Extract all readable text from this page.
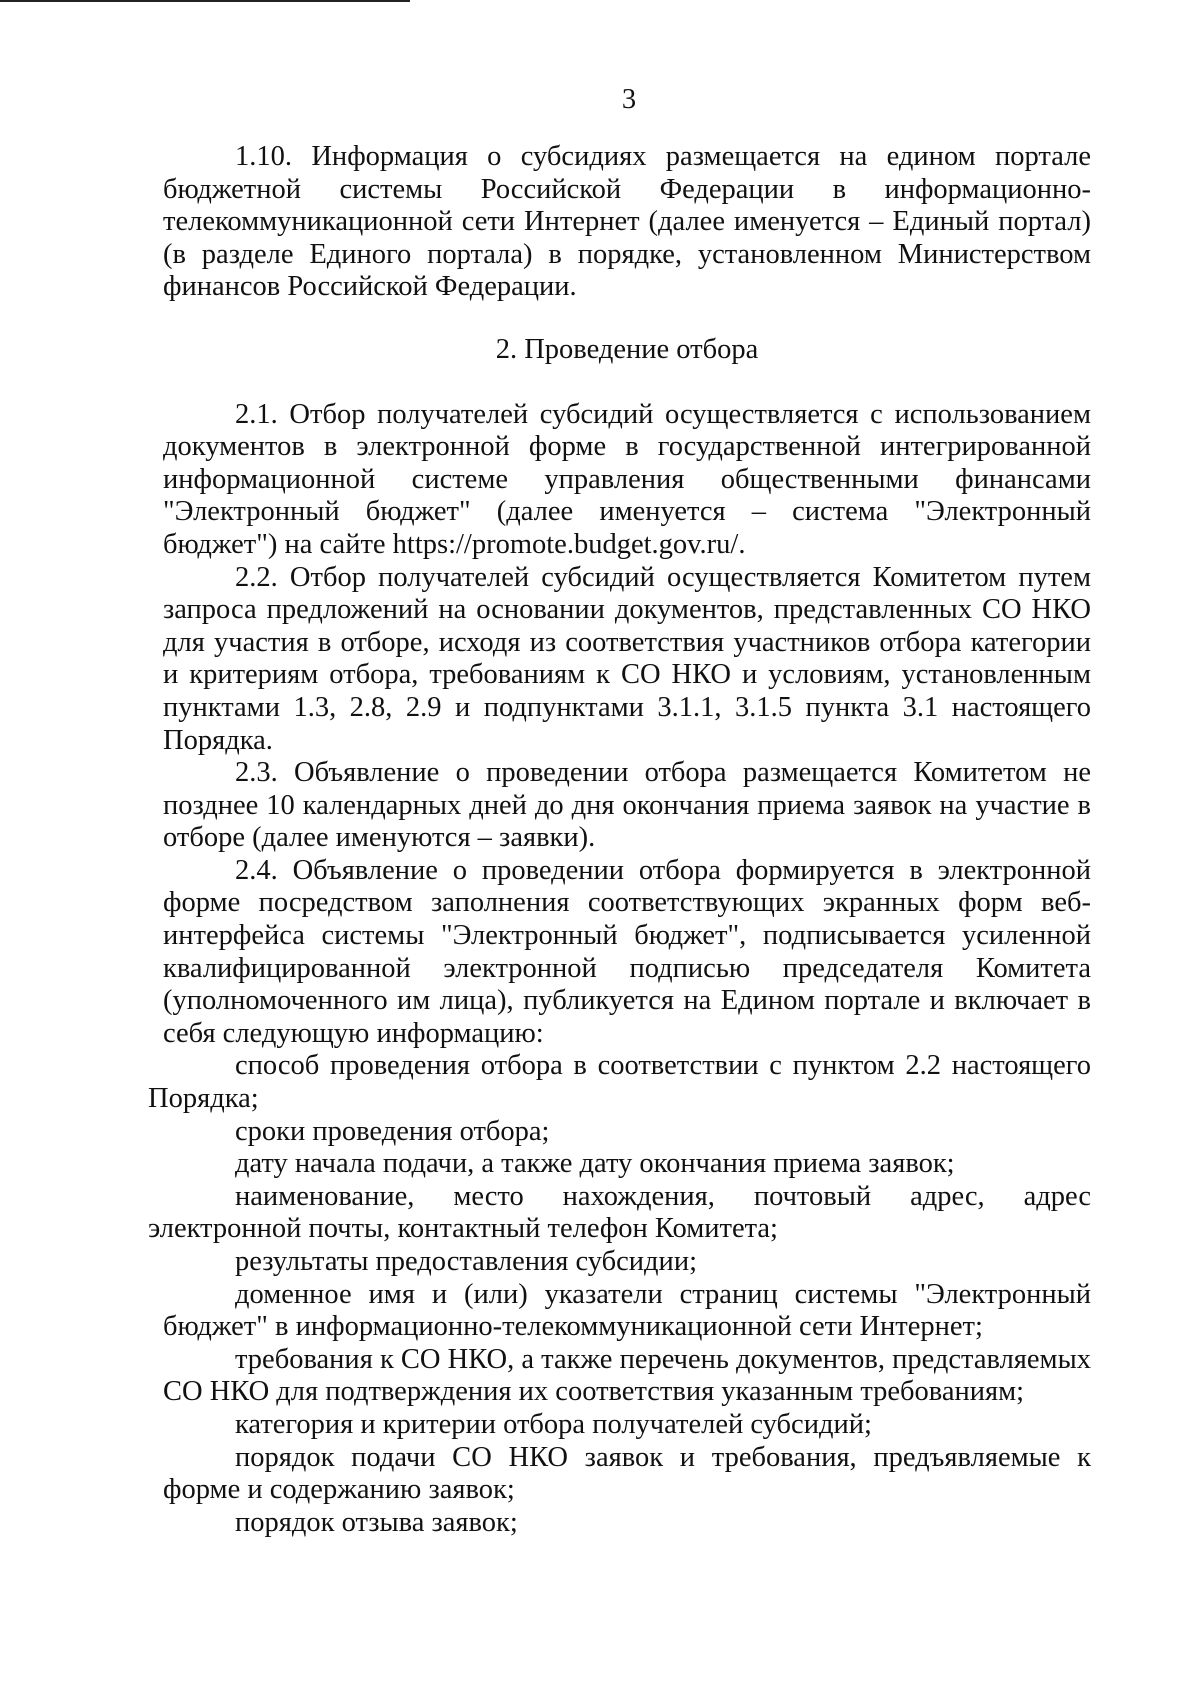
3

1.10. Информация о субсидиях размещается на едином портале бюджетной системы Российской Федерации в информационно-телекоммуникационной сети Интернет (далее именуется – Единый портал) (в разделе Единого портала) в порядке, установленном Министерством финансов Российской Федерации.

2. Проведение отбора

2.1. Отбор получателей субсидий осуществляется с использованием документов в электронной форме в государственной интегрированной информационной системе управления общественными финансами "Электронный бюджет" (далее именуется – система "Электронный бюджет") на сайте https://promote.budget.gov.ru/.

2.2. Отбор получателей субсидий осуществляется Комитетом путем запроса предложений на основании документов, представленных СО НКО для участия в отборе, исходя из соответствия участников отбора категории и критериям отбора, требованиям к СО НКО и условиям, установленным пунктами 1.3, 2.8, 2.9 и подпунктами 3.1.1, 3.1.5 пункта 3.1 настоящего Порядка.

2.3. Объявление о проведении отбора размещается Комитетом не позднее 10 календарных дней до дня окончания приема заявок на участие в отборе (далее именуются – заявки).

2.4. Объявление о проведении отбора формируется в электронной форме посредством заполнения соответствующих экранных форм веб-интерфейса системы "Электронный бюджет", подписывается усиленной квалифицированной электронной подписью председателя Комитета (уполномоченного им лица), публикуется на Едином портале и включает в себя следующую информацию:

способ проведения отбора в соответствии с пунктом 2.2 настоящего Порядка;

сроки проведения отбора;

дату начала подачи, а также дату окончания приема заявок;

наименование, место нахождения, почтовый адрес, адрес электронной почты, контактный телефон Комитета;

результаты предоставления субсидии;

доменное имя и (или) указатели страниц системы "Электронный бюджет" в информационно-телекоммуникационной сети Интернет;

требования к СО НКО, а также перечень документов, представляемых СО НКО для подтверждения их соответствия указанным требованиям;

категория и критерии отбора получателей субсидий;

порядок подачи СО НКО заявок и требования, предъявляемые к форме и содержанию заявок;

порядок отзыва заявок;
